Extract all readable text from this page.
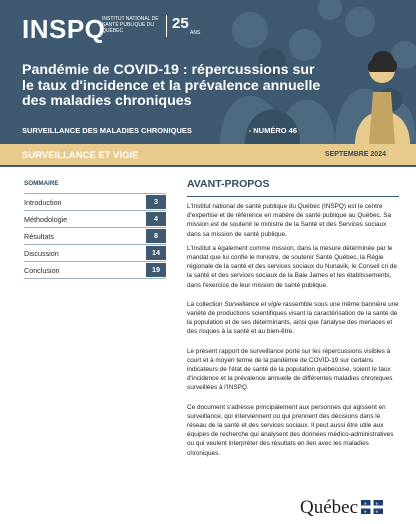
INSPQ
INSTITUT NATIONAL DE SANTÉ PUBLIQUE DU QUÉBEC	25
ANS
Pandémie de COVID-19 : répercussions sur le taux d'incidence et la prévalence annuelle des maladies chroniques
SURVEILLANCE DES MALADIES CHRONIQUES	- NUMÉRO 46
SURVEILLANCE ET VIGIE	SEPTEMBRE 2024
SOMMAIRE
Introduction	3
Méthodologie	4
Résultats	8
Discussion	14
Conclusion	19
AVANT-PROPOS

L'Institut national de santé publique du Québec (INSPQ) est le centre d'expertise et de référence en matière de santé publique au Québec. Sa mission est de soutenir le ministre de la Santé et des Services sociaux dans sa mission de santé publique.

L'Institut a également comme mission, dans la mesure déterminée par le mandat que lui confie le ministre, de soutenir Santé Québec, la Régie régionale de la santé et des services sociaux du Nunavik, le Conseil cri de la santé et des services sociaux de la Baie James et les établissements, dans l'exercice de leur mission de santé publique.

La collection Surveillance et vigie rassemble sous une même bannière une variété de productions scientifiques visant la caractérisation de la santé de la population et de ses déterminants, ainsi que l'analyse des menaces et des risques à la santé et au bien-être.

Le présent rapport de surveillance porte sur les répercussions visibles à court et à moyen terme de la pandémie de COVID-19 sur certains indicateurs de l'état de santé de la population québécoise, soient le taux d'incidence et la prévalence annuelle de différentes maladies chroniques surveillées à l'INSPQ.

Ce document s'adresse principalement aux personnes qui agissent en surveillance, qui interviennent ou qui prennent des décisions dans le réseau de la santé et des services sociaux. Il peut aussi être utile aux équipes de recherche qui analysent des données médico-administratives ou qui veulent interpréter des résultats en lien avec les maladies chroniques.

Québec ⚜ ⚜
⚜ ⚜
